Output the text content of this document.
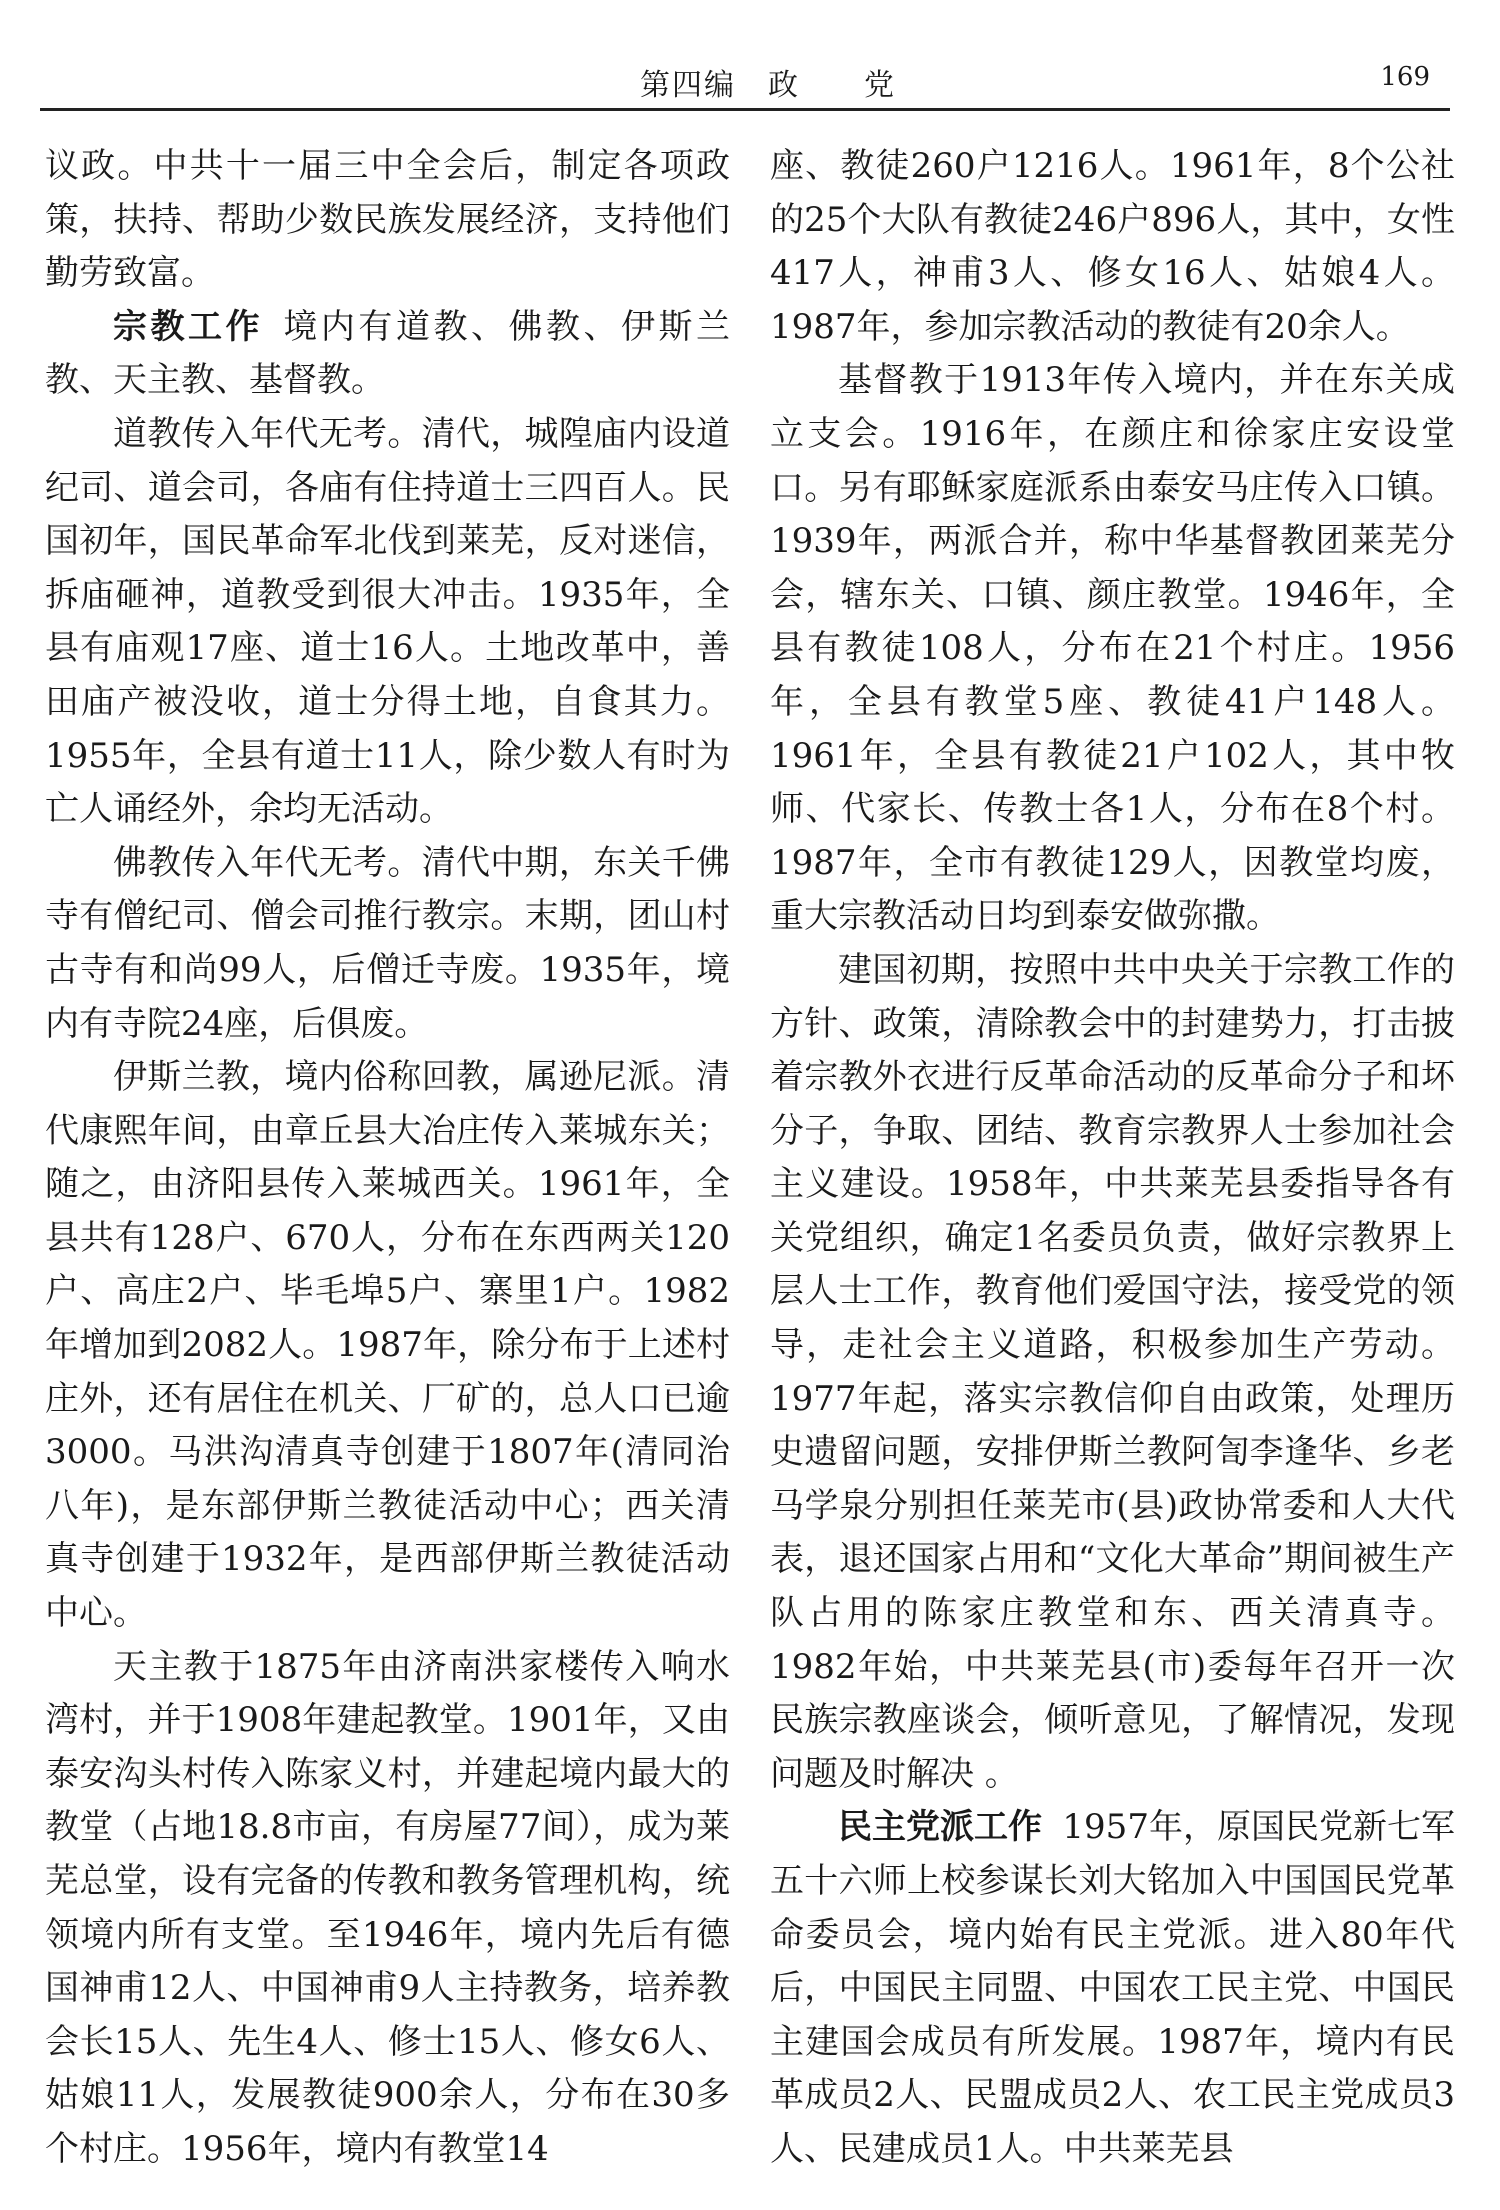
第四编　政　　党	169

议政。中共十一届三中全会后，制定各项政策，扶持、帮助少数民族发展经济，支持他们勤劳致富。

宗教工作 境内有道教、佛教、伊斯兰教、天主教、基督教。

道教传入年代无考。清代，城隍庙内设道纪司、道会司，各庙有住持道士三四百人。民国初年，国民革命军北伐到莱芜，反对迷信，拆庙砸神，道教受到很大冲击。1935年，全县有庙观17座、道士16人。土地改革中，善田庙产被没收，道士分得土地，自食其力。1955年，全县有道士11人，除少数人有时为亡人诵经外，余均无活动。

佛教传入年代无考。清代中期，东关千佛寺有僧纪司、僧会司推行教宗。末期，团山村古寺有和尚99人，后僧迁寺废。1935年，境内有寺院24座，后俱废。

伊斯兰教，境内俗称回教，属逊尼派。清代康熙年间，由章丘县大冶庄传入莱城东关；随之，由济阳县传入莱城西关。1961年，全县共有128户、670人，分布在东西两关120户、高庄2户、毕毛埠5户、寨里1户。1982年增加到2082人。1987年，除分布于上述村庄外，还有居住在机关、厂矿的，总人口已逾3000。马洪沟清真寺创建于1807年(清同治八年)，是东部伊斯兰教徒活动中心；西关清真寺创建于1932年，是西部伊斯兰教徒活动中心。

天主教于1875年由济南洪家楼传入响水湾村，并于1908年建起教堂。1901年，又由泰安沟头村传入陈家义村，并建起境内最大的教堂（占地18.8市亩，有房屋77间），成为莱芜总堂，设有完备的传教和教务管理机构，统领境内所有支堂。至1946年，境内先后有德国神甫12人、中国神甫9人主持教务，培养教会长15人、先生4人、修士15人、修女6人、姑娘11人，发展教徒900余人，分布在30多个村庄。1956年，境内有教堂14

座、教徒260户1216人。1961年，8个公社的25个大队有教徒246户896人，其中，女性417人，神甫3人、修女16人、姑娘4人。1987年，参加宗教活动的教徒有20余人。

基督教于1913年传入境内，并在东关成立支会。1916年，在颜庄和徐家庄安设堂口。另有耶稣家庭派系由泰安马庄传入口镇。1939年，两派合并，称中华基督教团莱芜分会，辖东关、口镇、颜庄教堂。1946年，全县有教徒108人，分布在21个村庄。1956年，全县有教堂5座、教徒41户148人。1961年，全县有教徒21户102人，其中牧师、代家长、传教士各1人，分布在8个村。1987年，全市有教徒129人，因教堂均废，重大宗教活动日均到泰安做弥撒。

建国初期，按照中共中央关于宗教工作的方针、政策，清除教会中的封建势力，打击披着宗教外衣进行反革命活动的反革命分子和坏分子，争取、团结、教育宗教界人士参加社会主义建设。1958年，中共莱芜县委指导各有关党组织，确定1名委员负责，做好宗教界上层人士工作，教育他们爱国守法，接受党的领导，走社会主义道路，积极参加生产劳动。1977年起，落实宗教信仰自由政策，处理历史遗留问题，安排伊斯兰教阿訇李逢华、乡老马学泉分别担任莱芜市(县)政协常委和人大代表，退还国家占用和“文化大革命”期间被生产队占用的陈家庄教堂和东、西关清真寺。1982年始，中共莱芜县(市)委每年召开一次民族宗教座谈会，倾听意见，了解情况，发现问题及时解决 。

民主党派工作 1957年，原国民党新七军五十六师上校参谋长刘大铭加入中国国民党革命委员会，境内始有民主党派。进入80年代后，中国民主同盟、中国农工民主党、中国民主建国会成员有所发展。1987年，境内有民革成员2人、民盟成员2人、农工民主党成员3人、民建成员1人。中共莱芜县
